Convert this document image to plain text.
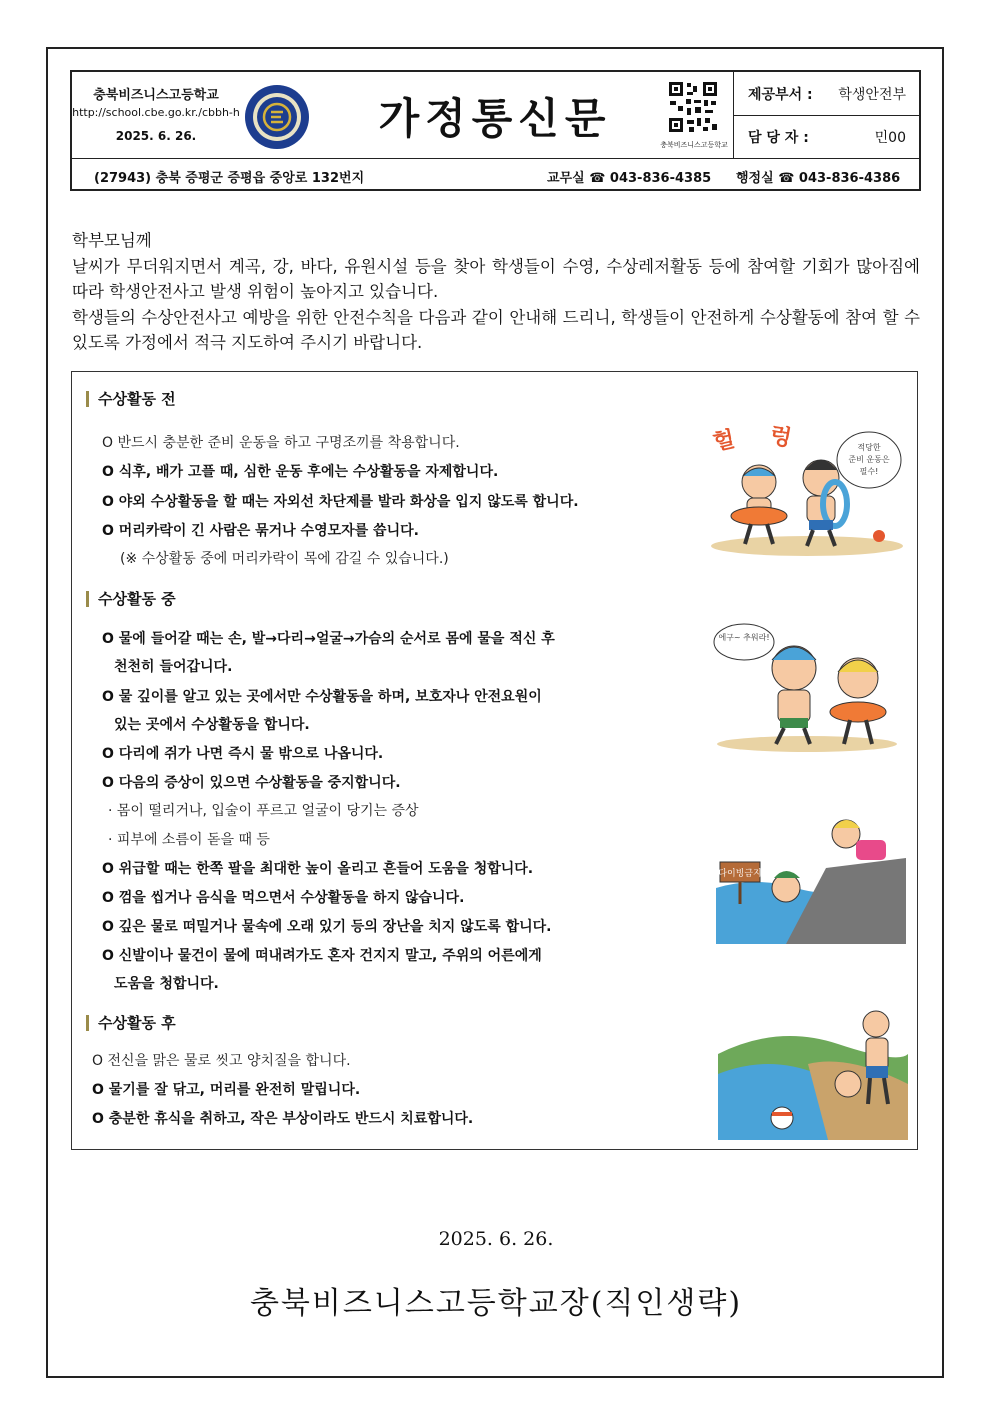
충북비즈니스고등학교
http://school.cbe.go.kr./cbbh-h
2025. 6. 26.	가정통신문
충북비즈니스고등학교
제공부서 : 학생안전부
담 당 자 :	민00
(27943) 충북 증평군 증평읍 중앙로 132번지	교무실 ☎ 043-836-4385 행정실 ☎ 043-836-4386

학부모님께

날씨가 무더워지면서 계곡, 강, 바다, 유원시설 등을 찾아 학생들이 수영, 수상레저활동 등에 참여할 기회가 많아짐에 따라 학생안전사고 발생 위험이 높아지고 있습니다.

학생들의 수상안전사고 예방을 위한 안전수칙을 다음과 같이 안내해 드리니, 학생들이 안전하게 수상활동에 참여 할 수 있도록 가정에서 적극 지도하여 주시기 바랍니다.

수상활동 전
O 반드시 충분한 준비 운동을 하고 구명조끼를 착용합니다.
O 식후, 배가 고플 때, 심한 운동 후에는 수상활동을 자제합니다.
O 야외 수상활동을 할 때는 자외선 차단제를 발라 화상을 입지 않도록 합니다.
O 머리카락이 긴 사람은 묶거나 수영모자를 씁니다.
(※ 수상활동 중에 머리카락이 목에 감길 수 있습니다.)
헐 렁	적당한
준비 운동은
필수!
수상활동 중
O 물에 들어갈 때는 손, 발→다리→얼굴→가슴의 순서로 몸에 물을 적신 후
천천히 들어갑니다.
O 물 깊이를 알고 있는 곳에서만 수상활동을 하며, 보호자나 안전요원이
있는 곳에서 수상활동을 합니다.
O 다리에 쥐가 나면 즉시 물 밖으로 나옵니다.
O 다음의 증상이 있으면 수상활동을 중지합니다.
· 몸이 떨리거나, 입술이 푸르고 얼굴이 당기는 증상
· 피부에 소름이 돋을 때 등
O 위급할 때는 한쪽 팔을 최대한 높이 올리고 흔들어 도움을 청합니다.
O 껌을 씹거나 음식을 먹으면서 수상활동을 하지 않습니다.
O 깊은 물로 떠밀거나 물속에 오래 있기 등의 장난을 치지 않도록 합니다.
O 신발이나 물건이 물에 떠내려가도 혼자 건지지 말고, 주위의 어른에게
도움을 청합니다.
에구~ 추워라!
다이빙금지
수상활동 후
O 전신을 맑은 물로 씻고 양치질을 합니다.
O 물기를 잘 닦고, 머리를 완전히 말립니다.
O 충분한 휴식을 취하고, 작은 부상이라도 반드시 치료합니다.
2025. 6. 26.
충북비즈니스고등학교장(직인생략)
